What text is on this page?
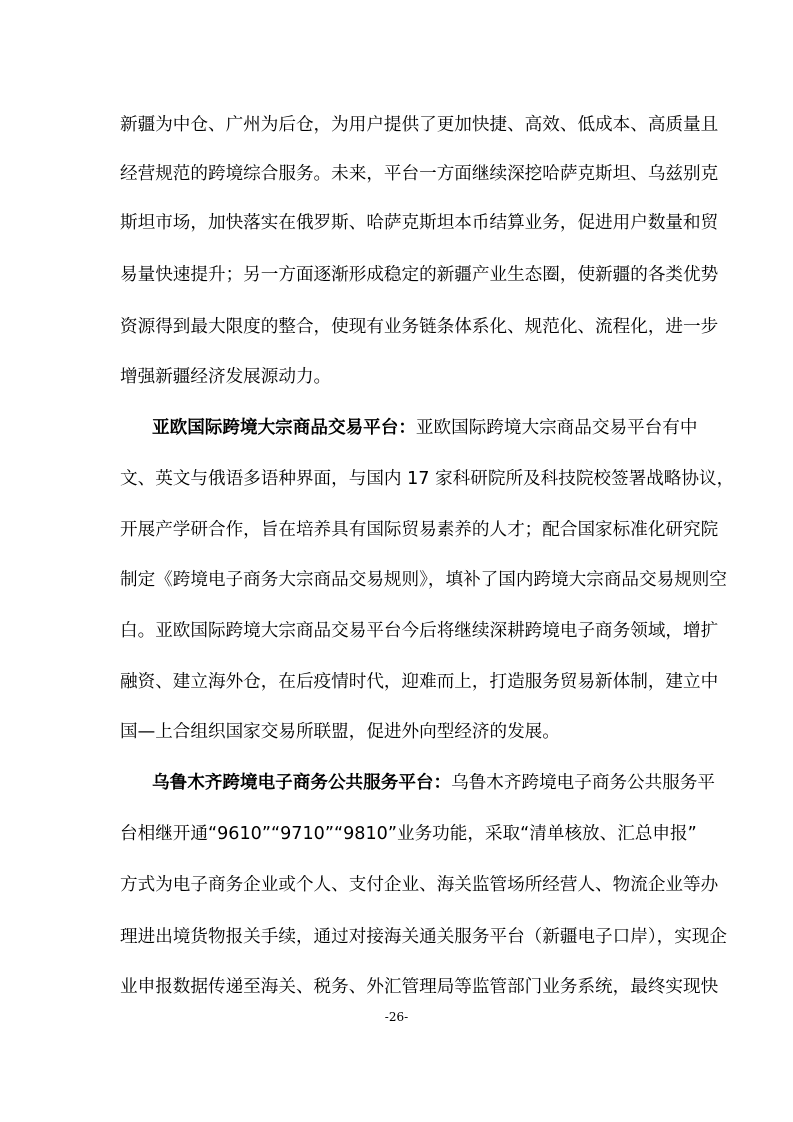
新疆为中仓、广州为后仓，为用户提供了更加快捷、高效、低成本、高质量且

经营规范的跨境综合服务。未来，平台一方面继续深挖哈萨克斯坦、乌兹别克

斯坦市场，加快落实在俄罗斯、哈萨克斯坦本币结算业务，促进用户数量和贸

易量快速提升；另一方面逐渐形成稳定的新疆产业生态圈，使新疆的各类优势

资源得到最大限度的整合，使现有业务链条体系化、规范化、流程化，进一步

增强新疆经济发展源动力。

亚欧国际跨境大宗商品交易平台：亚欧国际跨境大宗商品交易平台有中

文、英文与俄语多语种界面，与国内 17 家科研院所及科技院校签署战略协议，

开展产学研合作，旨在培养具有国际贸易素养的人才；配合国家标准化研究院

制定《跨境电子商务大宗商品交易规则》，填补了国内跨境大宗商品交易规则空

白。亚欧国际跨境大宗商品交易平台今后将继续深耕跨境电子商务领域，增扩

融资、建立海外仓，在后疫情时代，迎难而上，打造服务贸易新体制，建立中

国—上合组织国家交易所联盟，促进外向型经济的发展。

乌鲁木齐跨境电子商务公共服务平台：乌鲁木齐跨境电子商务公共服务平

台相继开通“9610”“9710”“9810”业务功能，采取“清单核放、汇总申报”

方式为电子商务企业或个人、支付企业、海关监管场所经营人、物流企业等办

理进出境货物报关手续，通过对接海关通关服务平台（新疆电子口岸），实现企

业申报数据传递至海关、税务、外汇管理局等监管部门业务系统，最终实现快

-26-
